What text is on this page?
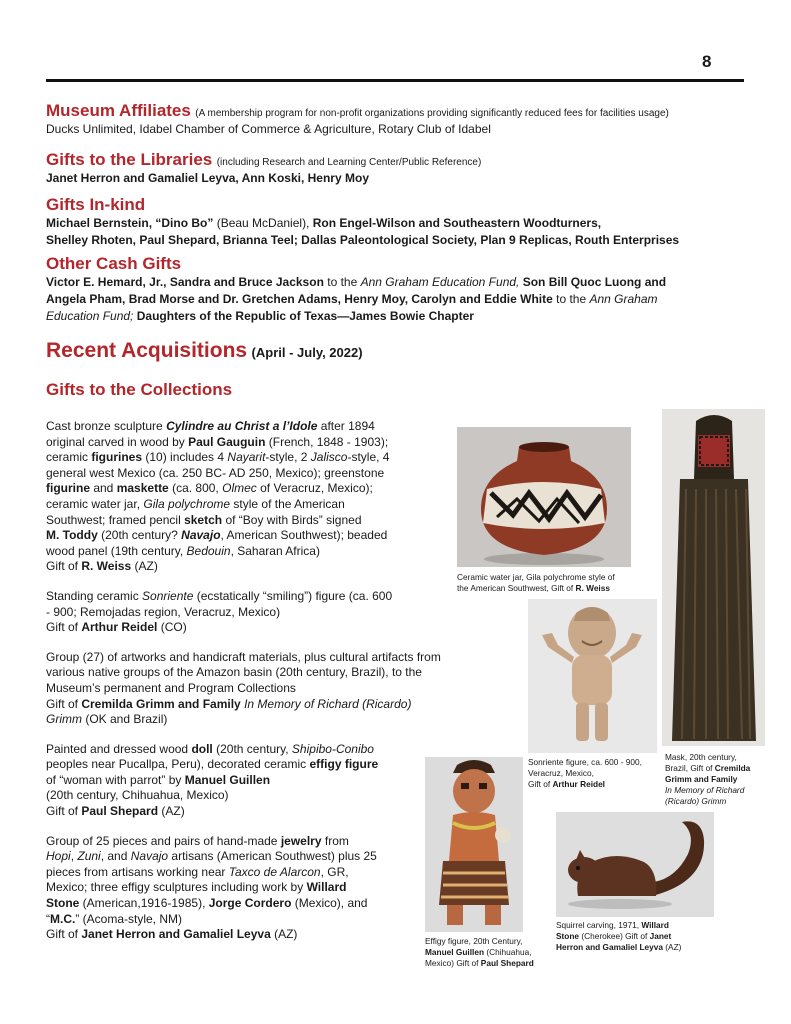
8
Museum Affiliates (A membership program for non-profit organizations providing significantly reduced fees for facilities usage)
Ducks Unlimited, Idabel Chamber of Commerce & Agriculture, Rotary Club of Idabel
Gifts to the Libraries (including Research and Learning Center/Public Reference)
Janet Herron and Gamaliel Leyva, Ann Koski, Henry Moy
Gifts In-kind
Michael Bernstein, “Dino Bo” (Beau McDaniel), Ron Engel-Wilson and Southeastern Woodturners,
Shelley Rhoten, Paul Shepard, Brianna Teel; Dallas Paleontological Society, Plan 9 Replicas, Routh Enterprises
Other Cash Gifts
Victor E. Hemard, Jr., Sandra and Bruce Jackson to the Ann Graham Education Fund, Son Bill Quoc Luong and
Angela Pham, Brad Morse and Dr. Gretchen Adams, Henry Moy, Carolyn and Eddie White to the Ann Graham
Education Fund; Daughters of the Republic of Texas—James Bowie Chapter
Recent Acquisitions (April - July, 2022)
Gifts to the Collections

Cast bronze sculpture Cylindre au Christ a l’Idole after 1894
original carved in wood by Paul Gauguin (French, 1848 - 1903);
ceramic figurines (10) includes 4 Nayarit-style, 2 Jalisco-style, 4
general west Mexico (ca. 250 BC- AD 250, Mexico); greenstone
figurine and maskette (ca. 800, Olmec of Veracruz, Mexico);
ceramic water jar, Gila polychrome style of the American
Southwest; framed pencil sketch of “Boy with Birds” signed
M. Toddy (20th century? Navajo, American Southwest); beaded
wood panel (19th century, Bedouin, Saharan Africa)
Gift of R. Weiss (AZ)

Standing ceramic Sonriente (ecstatically “smiling”) figure (ca. 600
- 900; Remojadas region, Veracruz, Mexico)
Gift of Arthur Reidel (CO)

Group (27) of artworks and handicraft materials, plus cultural artifacts from
various native groups of the Amazon basin (20th century, Brazil), to the
Museum’s permanent and Program Collections
Gift of Cremilda Grimm and Family In Memory of Richard (Ricardo)
Grimm (OK and Brazil)

Painted and dressed wood doll (20th century, Shipibo-Conibo
peoples near Pucallpa, Peru), decorated ceramic effigy figure
of “woman with parrot” by Manuel Guillen
(20th century, Chihuahua, Mexico)
Gift of Paul Shepard (AZ)

Group of 25 pieces and pairs of hand-made jewelry from
Hopi, Zuni, and Navajo artisans (American Southwest) plus 25
pieces from artisans working near Taxco de Alarcon, GR,
Mexico; three effigy sculptures including work by Willard
Stone (American,1916-1985), Jorge Cordero (Mexico), and
“M.C.” (Acoma-style, NM)
Gift of Janet Herron and Gamaliel Leyva (AZ)

Ceramic water jar, Gila polychrome style of
the American Southwest, Gift of R. Weiss
Sonriente figure, ca. 600 - 900,
Veracruz, Mexico,
Gift of Arthur Reidel
Mask, 20th century,
Brazil, Gift of Cremilda
Grimm and Family
In Memory of Richard
(Ricardo) Grimm
Effigy figure, 20th Century,
Manuel Guillen (Chihuahua,
Mexico) Gift of Paul Shepard
Squirrel carving, 1971, Willard
Stone (Cherokee) Gift of Janet
Herron and Gamaliel Leyva (AZ)
